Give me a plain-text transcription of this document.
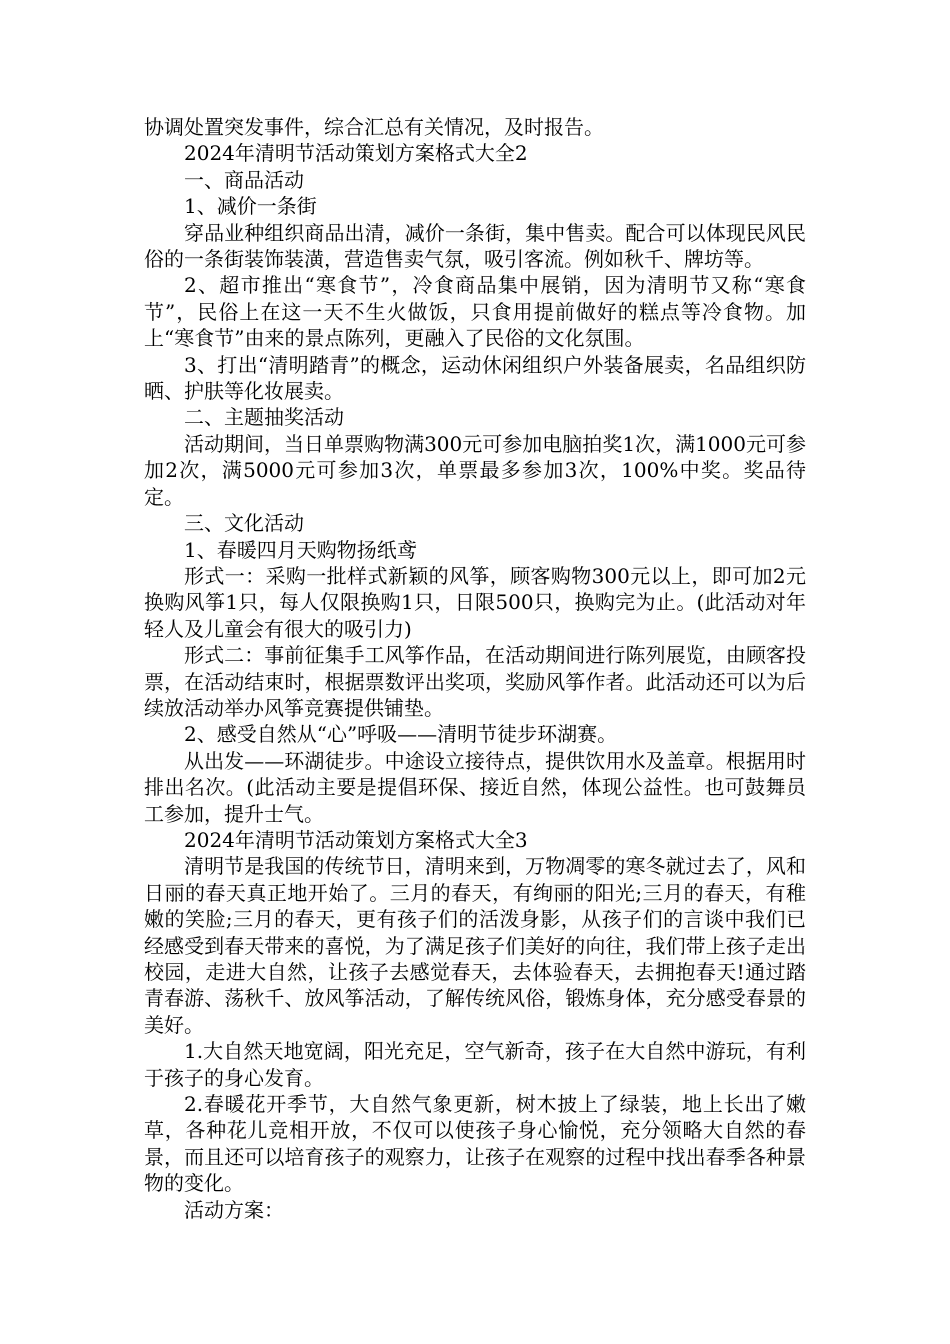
协调处置突发事件，综合汇总有关情况，及时报告。

2024年清明节活动策划方案格式大全2

一、商品活动

1、减价一条街

穿品业种组织商品出清，减价一条街，集中售卖。配合可以体现民风民俗的一条街装饰装潢，营造售卖气氛，吸引客流。例如秋千、牌坊等。

2、超市推出“寒食节”，冷食商品集中展销，因为清明节又称“寒食节”，民俗上在这一天不生火做饭，只食用提前做好的糕点等冷食物。加上“寒食节”由来的景点陈列，更融入了民俗的文化氛围。

3、打出“清明踏青”的概念，运动休闲组织户外装备展卖，名品组织防晒、护肤等化妆展卖。

二、主题抽奖活动

活动期间，当日单票购物满300元可参加电脑拍奖1次，满1000元可参加2次，满5000元可参加3次，单票最多参加3次，100%中奖。奖品待定。

三、文化活动

1、春暖四月天购物扬纸鸢

形式一：采购一批样式新颖的风筝，顾客购物300元以上，即可加2元换购风筝1只，每人仅限换购1只，日限500只，换购完为止。(此活动对年轻人及儿童会有很大的吸引力)

形式二：事前征集手工风筝作品，在活动期间进行陈列展览，由顾客投票，在活动结束时，根据票数评出奖项，奖励风筝作者。此活动还可以为后续放活动举办风筝竞赛提供铺垫。

2、感受自然从“心”呼吸——清明节徒步环湖赛。

从出发——环湖徒步。中途设立接待点，提供饮用水及盖章。根据用时排出名次。(此活动主要是提倡环保、接近自然，体现公益性。也可鼓舞员工参加，提升士气。

2024年清明节活动策划方案格式大全3

清明节是我国的传统节日，清明来到，万物凋零的寒冬就过去了，风和日丽的春天真正地开始了。三月的春天，有绚丽的阳光;三月的春天，有稚嫩的笑脸;三月的春天，更有孩子们的活泼身影，从孩子们的言谈中我们已经感受到春天带来的喜悦，为了满足孩子们美好的向往，我们带上孩子走出校园，走进大自然，让孩子去感觉春天，去体验春天，去拥抱春天!通过踏青春游、荡秋千、放风筝活动，了解传统风俗，锻炼身体，充分感受春景的美好。

1.大自然天地宽阔，阳光充足，空气新奇，孩子在大自然中游玩，有利于孩子的身心发育。

2.春暖花开季节，大自然气象更新，树木披上了绿装，地上长出了嫩草，各种花儿竞相开放，不仅可以使孩子身心愉悦，充分领略大自然的春景，而且还可以培育孩子的观察力，让孩子在观察的过程中找出春季各种景物的变化。

活动方案：
